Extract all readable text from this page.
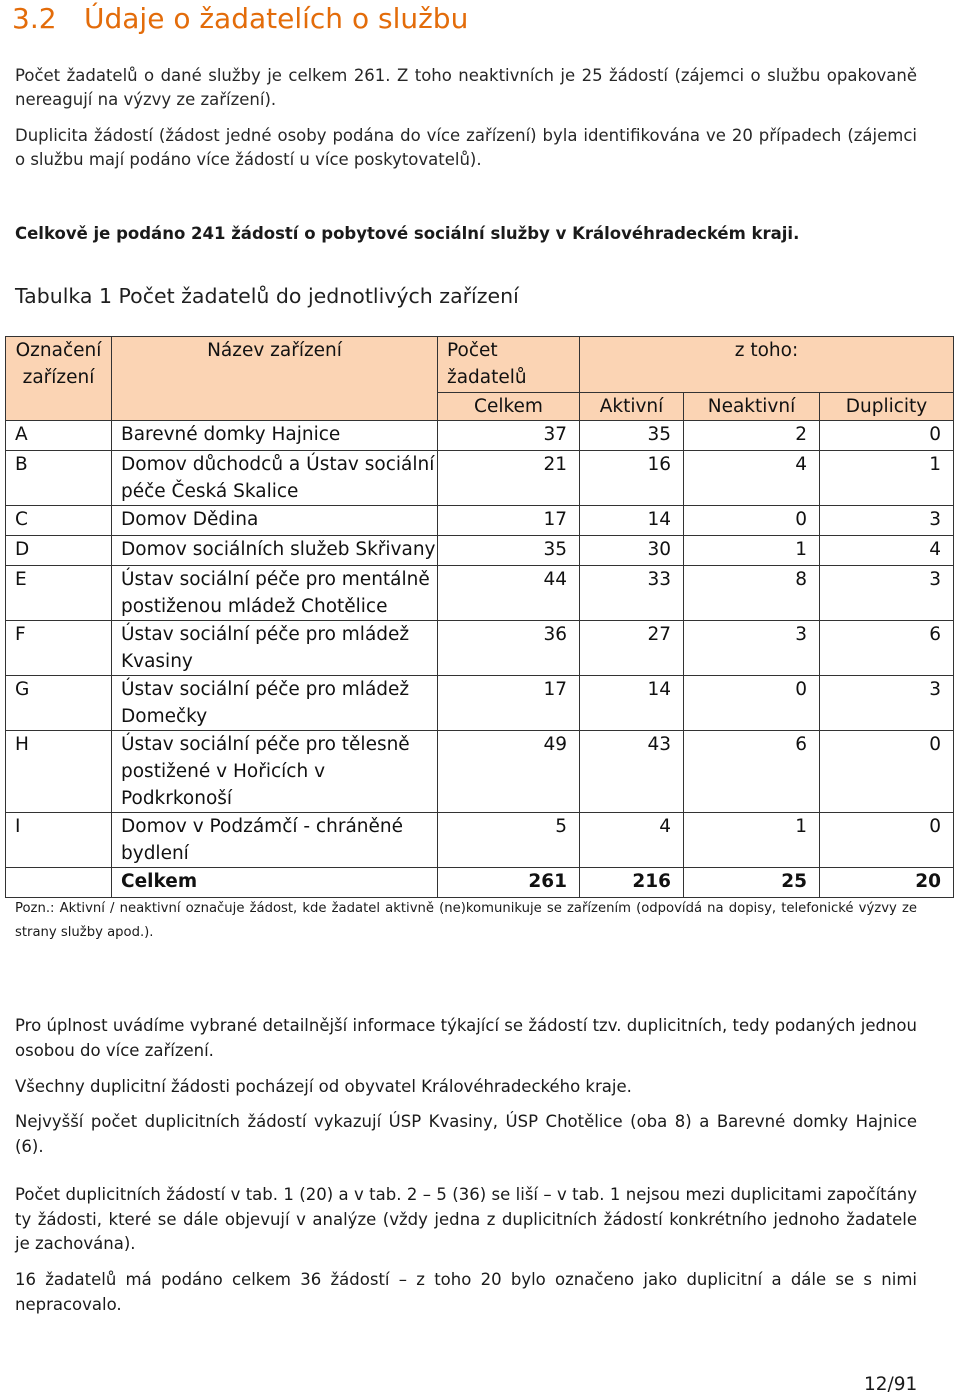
3.2 Údaje o žadatelích o službu

Počet žadatelů o dané služby je celkem 261. Z toho neaktivních je 25 žádostí (zájemci o službu opakovaně nereagují na výzvy ze zařízení).

Duplicita žádostí (žádost jedné osoby podána do více zařízení) byla identifikována ve 20 případech (zájemci o službu mají podáno více žádostí u více poskytovatelů).

Celkově je podáno 241 žádostí o pobytové sociální služby v Královéhradeckém kraji.

Tabulka 1 Počet žadatelů do jednotlivých zařízení

Označení zařízení	Název zařízení	Počet žadatelů	z toho:		
		Celkem	Aktivní	Neaktivní	Duplicity
A	Barevné domky Hajnice	37	35	2	0
B	Domov důchodců a Ústav sociální péče Česká Skalice	21	16	4	1
C	Domov Dědina	17	14	0	3
D	Domov sociálních služeb Skřivany	35	30	1	4
E	Ústav sociální péče pro mentálně postiženou mládež Chotělice	44	33	8	3
F	Ústav sociální péče pro mládež Kvasiny	36	27	3	6
G	Ústav sociální péče pro mládež Domečky	17	14	0	3
H	Ústav sociální péče pro tělesně postižené v Hořicích v Podkrkonoší	49	43	6	0
I	Domov v Podzámčí - chráněné bydlení	5	4	1	0
	Celkem	261	216	25	20

Pozn.: Aktivní / neaktivní označuje žádost, kde žadatel aktivně (ne)komunikuje se zařízením (odpovídá na dopisy, telefonické výzvy ze strany služby apod.).

Pro úplnost uvádíme vybrané detailnější informace týkající se žádostí tzv. duplicitních, tedy podaných jednou osobou do více zařízení.

Všechny duplicitní žádosti pocházejí od obyvatel Královéhradeckého kraje.

Nejvyšší počet duplicitních žádostí vykazují ÚSP Kvasiny, ÚSP Chotělice (oba 8) a Barevné domky Hajnice (6).

Počet duplicitních žádostí v tab. 1 (20) a v tab. 2 – 5 (36) se liší – v tab. 1 nejsou mezi duplicitami započítány ty žádosti, které se dále objevují v analýze (vždy jedna z duplicitních žádostí konkrétního jednoho žadatele je zachována).

16 žadatelů má podáno celkem 36 žádostí – z toho 20 bylo označeno jako duplicitní a dále se s nimi nepracovalo.

12/91
